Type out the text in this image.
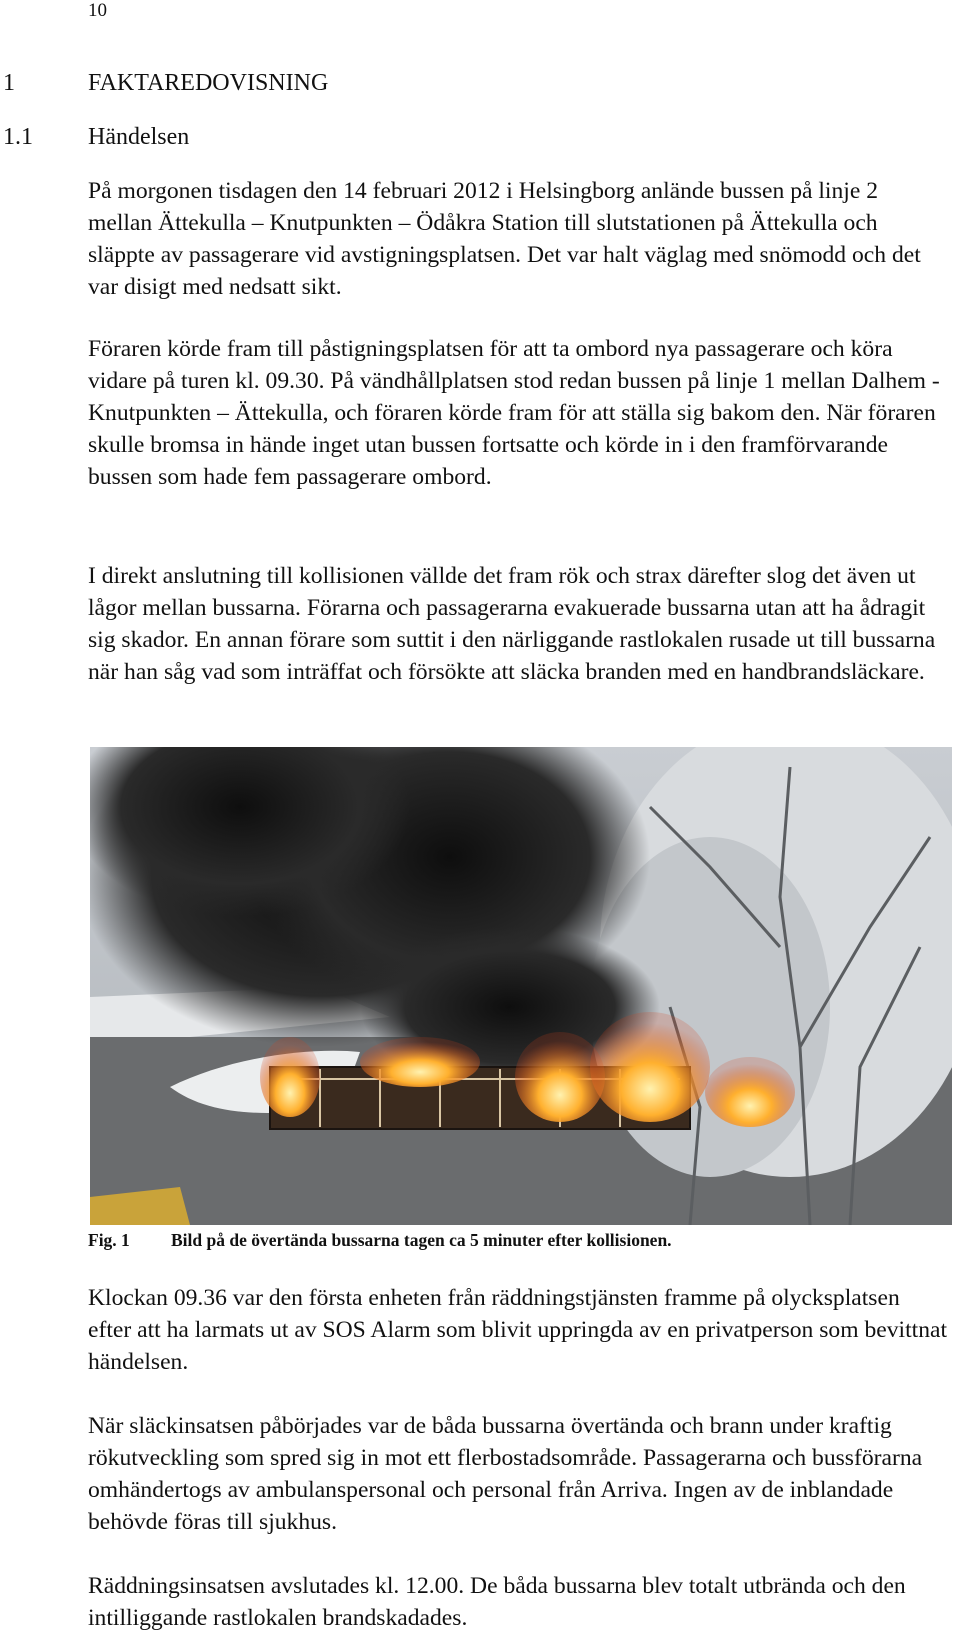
10
1	FAKTAREDOVISNING
1.1 Händelsen

På morgonen tisdagen den 14 februari 2012 i Helsingborg anlände bussen på linje 2 mellan Ättekulla – Knutpunkten – Ödåkra Station till slutstationen på Ättekulla och släppte av passagerare vid avstigningsplatsen. Det var halt väglag med snömodd och det var disigt med nedsatt sikt.

Föraren körde fram till påstigningsplatsen för att ta ombord nya passagerare och köra vidare på turen kl. 09.30. På vändhållplatsen stod redan bussen på linje 1 mellan Dalhem - Knutpunkten – Ättekulla, och föraren körde fram för att ställa sig bakom den. När föraren skulle bromsa in hände inget utan bussen fortsatte och körde in i den framförvarande bussen som hade fem passagerare ombord.

I direkt anslutning till kollisionen vällde det fram rök och strax därefter slog det även ut lågor mellan bussarna. Förarna och passagerarna evakuerade bussarna utan att ha ådragit sig skador. En annan förare som suttit i den närliggande rastlokalen rusade ut till bussarna när han såg vad som inträffat och försökte att släcka branden med en handbrandsläckare.

Fig. 1 Bild på de övertända bussarna tagen ca 5 minuter efter kollisionen.

Klockan 09.36 var den första enheten från räddningstjänsten framme på olycksplatsen efter att ha larmats ut av SOS Alarm som blivit uppringda av en privatperson som bevittnat händelsen.

När släckinsatsen påbörjades var de båda bussarna övertända och brann under kraftig rökutveckling som spred sig in mot ett flerbostadsområde. Passagerarna och bussförarna omhändertogs av ambulanspersonal och personal från Arriva. Ingen av de inblandade behövde föras till sjukhus.

Räddningsinsatsen avslutades kl. 12.00. De båda bussarna blev totalt utbrända och den intilliggande rastlokalen brandskadades.
